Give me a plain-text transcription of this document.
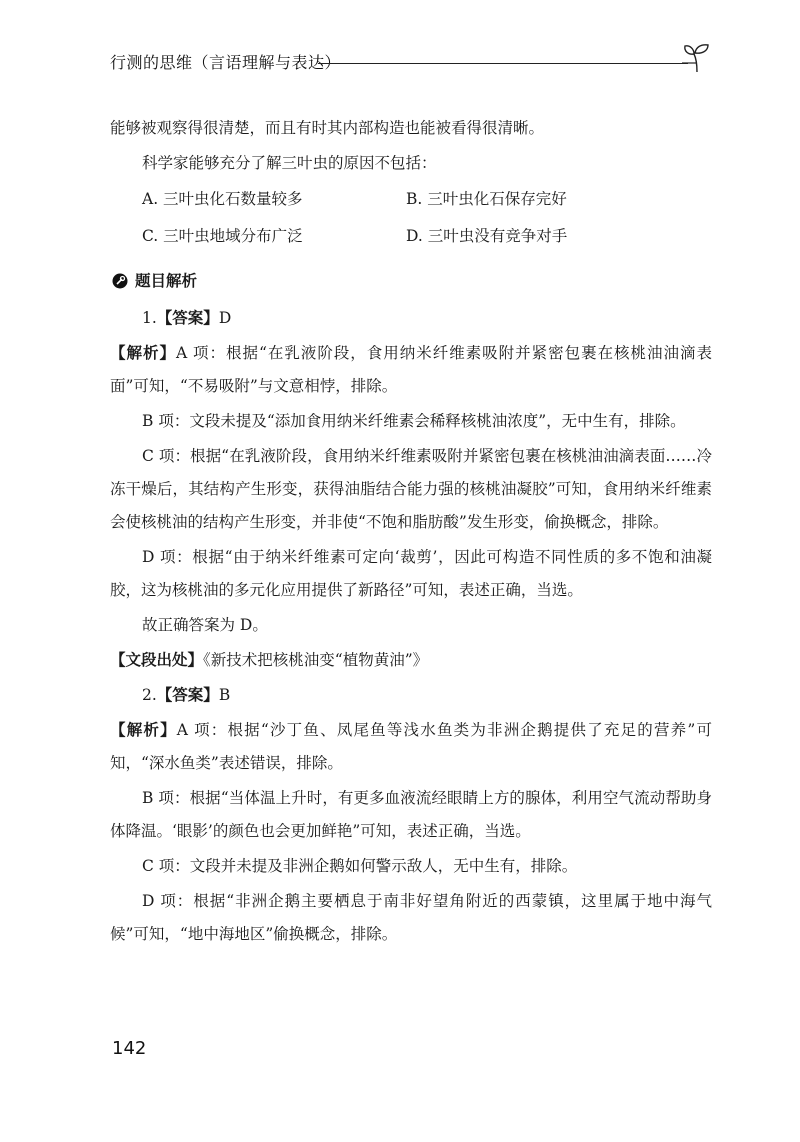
行测的思维（言语理解与表达）

能够被观察得很清楚，而且有时其内部构造也能被看得很清晰。

科学家能够充分了解三叶虫的原因不包括：

A. 三叶虫化石数量较多	B. 三叶虫化石保存完好
C. 三叶虫地域分布广泛	D. 三叶虫没有竞争对手
题目解析

1.【答案】D

【解析】A 项：根据“在乳液阶段，食用纳米纤维素吸附并紧密包裹在核桃油油滴表面”可知，“不易吸附”与文意相悖，排除。

B 项：文段未提及“添加食用纳米纤维素会稀释核桃油浓度”，无中生有，排除。

C 项：根据“在乳液阶段，食用纳米纤维素吸附并紧密包裹在核桃油油滴表面……冷冻干燥后，其结构产生形变，获得油脂结合能力强的核桃油凝胶”可知，食用纳米纤维素会使核桃油的结构产生形变，并非使“不饱和脂肪酸”发生形变，偷换概念，排除。

D 项：根据“由于纳米纤维素可定向‘裁剪’，因此可构造不同性质的多不饱和油凝胶，这为核桃油的多元化应用提供了新路径”可知，表述正确，当选。

故正确答案为 D。

【文段出处】《新技术把核桃油变“植物黄油”》

2.【答案】B

【解析】A 项：根据“沙丁鱼、凤尾鱼等浅水鱼类为非洲企鹅提供了充足的营养”可知，“深水鱼类”表述错误，排除。

B 项：根据“当体温上升时，有更多血液流经眼睛上方的腺体，利用空气流动帮助身体降温。‘眼影’的颜色也会更加鲜艳”可知，表述正确，当选。

C 项：文段并未提及非洲企鹅如何警示敌人，无中生有，排除。

D 项：根据“非洲企鹅主要栖息于南非好望角附近的西蒙镇，这里属于地中海气候”可知，“地中海地区”偷换概念，排除。

142
